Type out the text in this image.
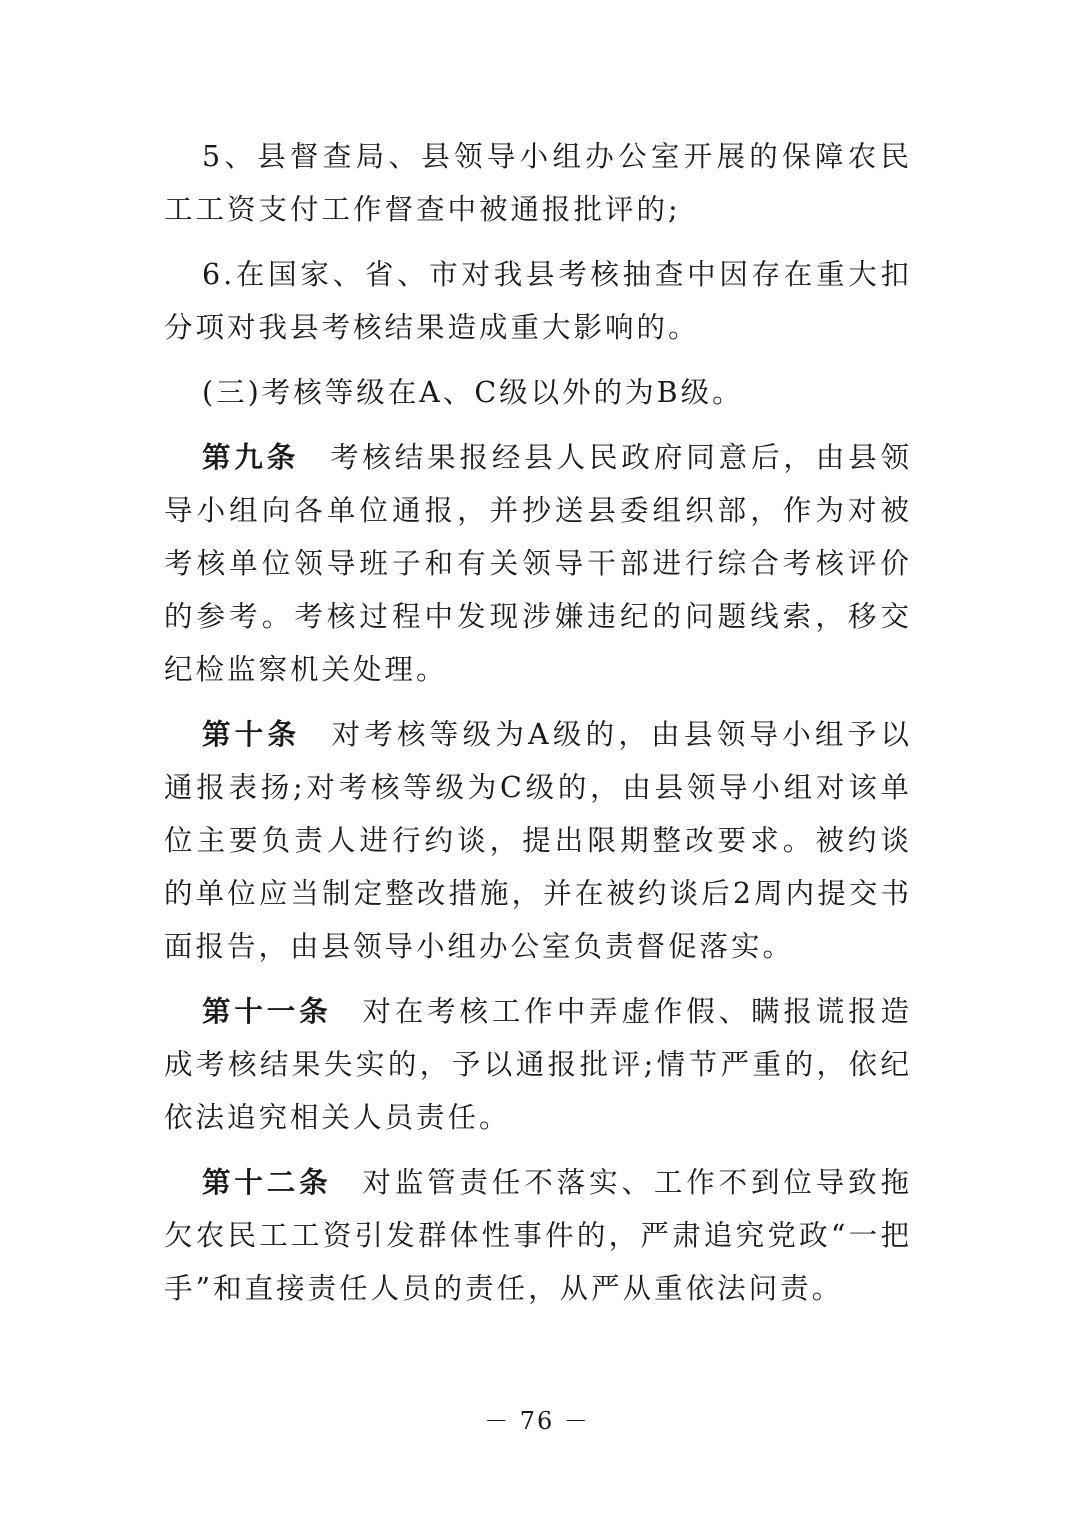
5、县督查局、县领导小组办公室开展的保障农民工工资支付工作督查中被通报批评的;

6.在国家、省、市对我县考核抽查中因存在重大扣分项对我县考核结果造成重大影响的。

(三)考核等级在A、C级以外的为B级。

第九条 考核结果报经县人民政府同意后，由县领导小组向各单位通报，并抄送县委组织部，作为对被考核单位领导班子和有关领导干部进行综合考核评价的参考。考核过程中发现涉嫌违纪的问题线索，移交纪检监察机关处理。

第十条 对考核等级为A级的，由县领导小组予以通报表扬;对考核等级为C级的，由县领导小组对该单位主要负责人进行约谈，提出限期整改要求。被约谈的单位应当制定整改措施，并在被约谈后2周内提交书面报告，由县领导小组办公室负责督促落实。

第十一条 对在考核工作中弄虚作假、瞒报谎报造成考核结果失实的，予以通报批评;情节严重的，依纪依法追究相关人员责任。

第十二条 对监管责任不落实、工作不到位导致拖欠农民工工资引发群体性事件的，严肃追究党政“一把手”和直接责任人员的责任，从严从重依法问责。

－ 76 －
